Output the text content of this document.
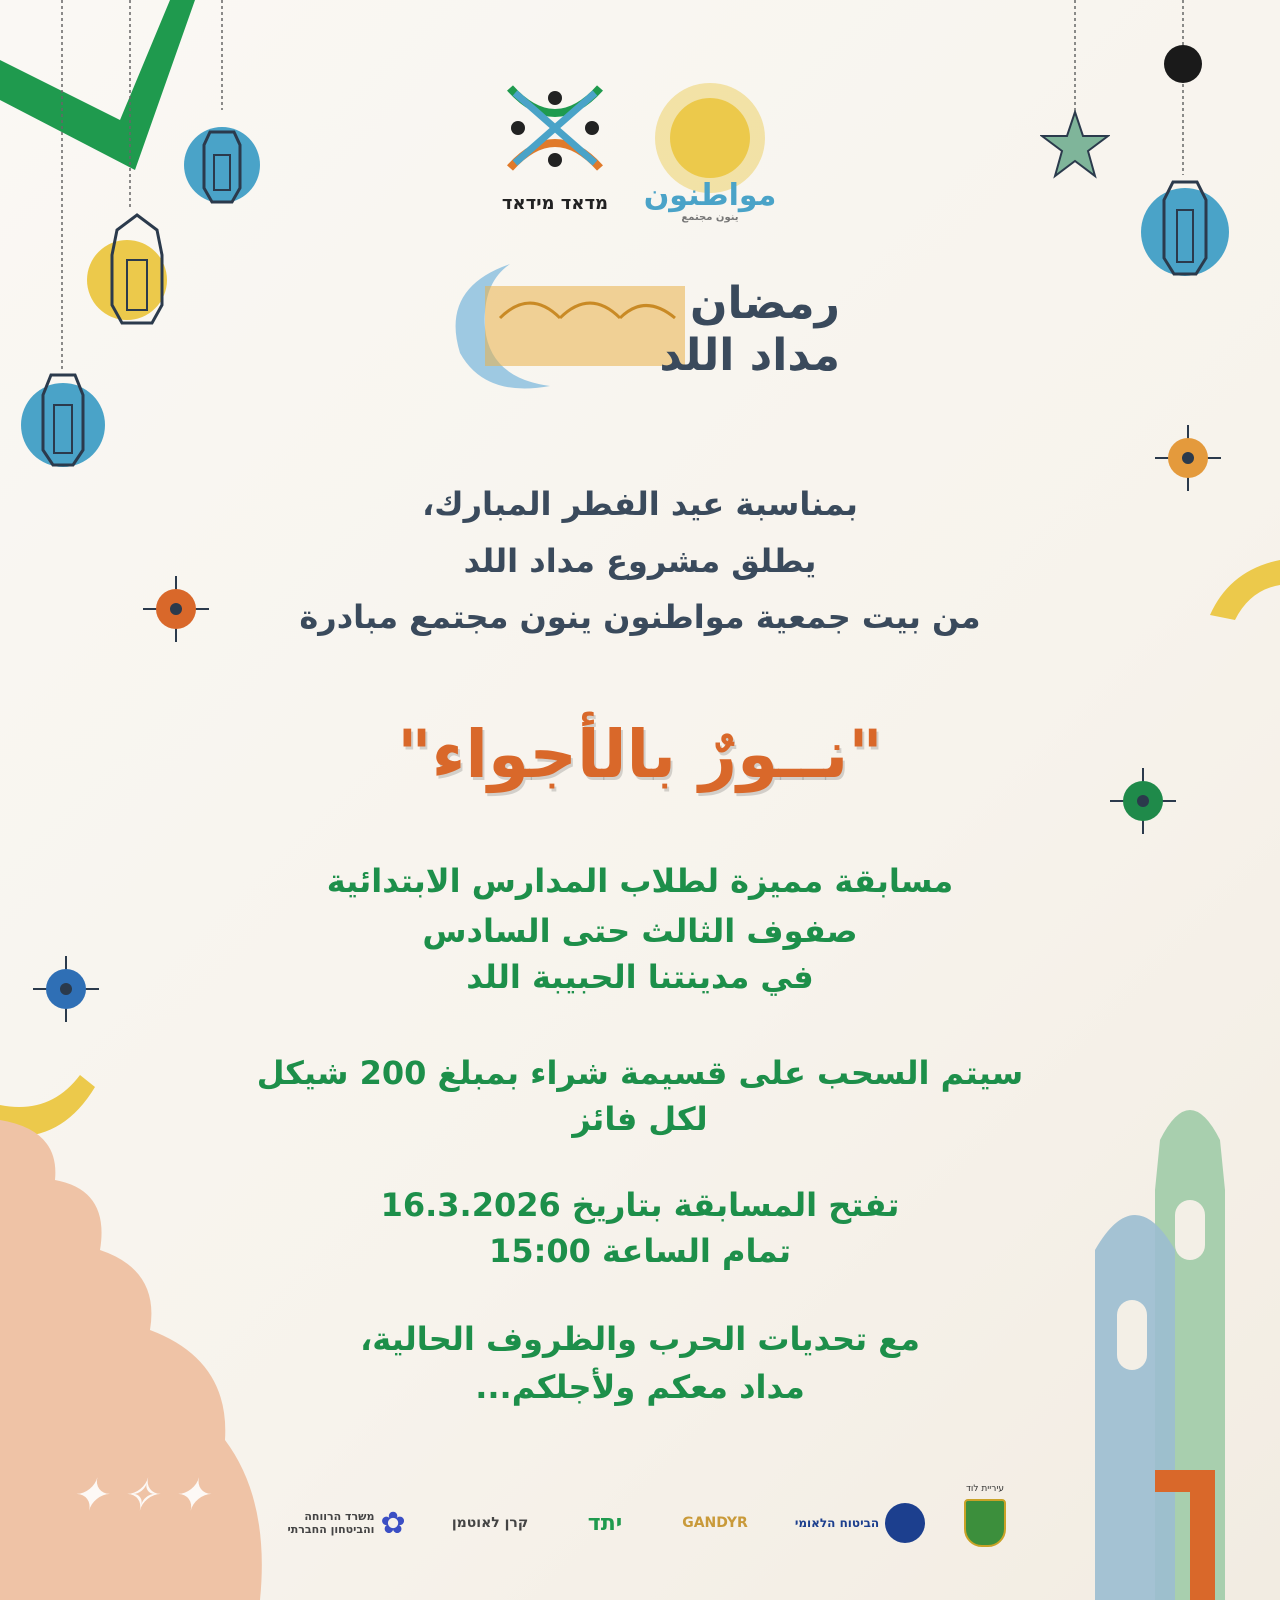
✦ ✧ ✦
מדאד מידאד	مواطنون
ينون مجتمع
رمضان
مداد اللد
بمناسبة عيد الفطر المبارك،
يطلق مشروع مداد اللد
من بيت جمعية مواطنون ينون مجتمع مبادرة
"نــورٌ بالأجواء"
مسابقة مميزة لطلاب المدارس الابتدائية
صفوف الثالث حتى السادس
في مدينتنا الحبيبة اللد
سيتم السحب على قسيمة شراء بمبلغ 200 شيكل
لكل فائز
تفتح المسابقة بتاريخ 16.3.2026
تمام الساعة 15:00
مع تحديات الحرب والظروف الحالية،
مداد معكم ولأجلكم...
✿
משרד הרווחה והביטחון החברתי	קרן לאוטמן	יתד	GANDYR	הביטוח הלאומי
עיריית לוד
